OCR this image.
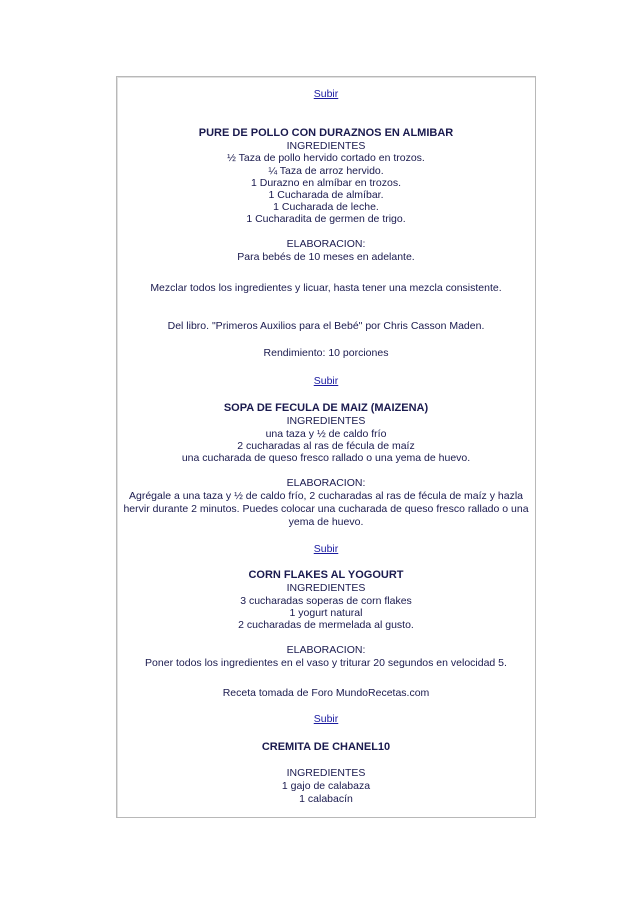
Subir
PURE DE POLLO CON DURAZNOS EN ALMIBAR
INGREDIENTES
½ Taza de pollo hervido cortado en trozos.
¼ Taza de arroz hervido.
1 Durazno en almíbar en trozos.
1 Cucharada de almíbar.
1 Cucharada de leche.
1 Cucharadita de germen de trigo.
ELABORACION:
Para bebés de 10 meses en adelante.
Mezclar todos los ingredientes y licuar, hasta tener una mezcla consistente.
Del libro. "Primeros Auxilios para el Bebé" por Chris Casson Maden.
Rendimiento: 10 porciones
Subir
SOPA DE FECULA DE MAIZ (MAIZENA)
INGREDIENTES
una taza y ½ de caldo frío
2 cucharadas al ras de fécula de maíz
una cucharada de queso fresco rallado o una yema de huevo.
ELABORACION:
Agrégale a una taza y ½ de caldo frío, 2 cucharadas al ras de fécula de maíz y hazla hervir durante 2 minutos. Puedes colocar una cucharada de queso fresco rallado o una yema de huevo.
Subir
CORN FLAKES AL YOGOURT
INGREDIENTES
3 cucharadas soperas de corn flakes
1 yogurt natural
2 cucharadas de mermelada al gusto.
ELABORACION:
Poner todos los ingredientes en el vaso y triturar 20 segundos en velocidad 5.
Receta tomada de Foro MundoRecetas.com
Subir
CREMITA DE CHANEL10
INGREDIENTES
1 gajo de calabaza
1 calabacín
